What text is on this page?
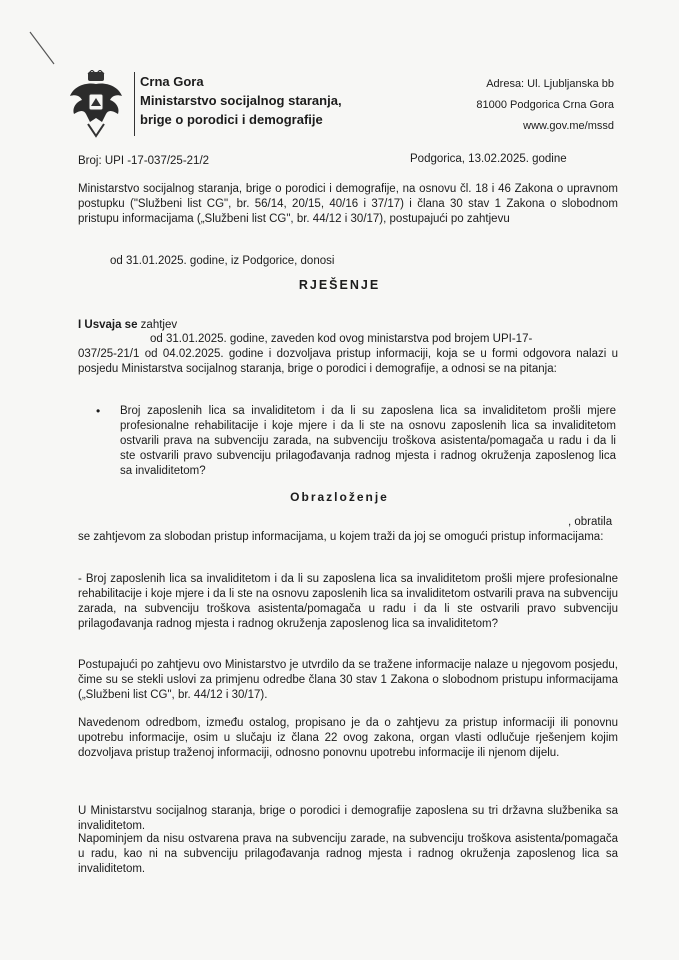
Crna Gora
Ministarstvo socijalnog staranja,
brige o porodici i demografije
Adresa: Ul. Ljubljanska bb
81000 Podgorica Crna Gora
www.gov.me/mssd
Broj: UPI -17-037/25-21/2	Podgorica, 13.02.2025. godine
Ministarstvo socijalnog staranja, brige o porodici i demografije, na osnovu čl. 18 i 46 Zakona o upravnom postupku ("Službeni list CG", br. 56/14, 20/15, 40/16 i 37/17) i člana 30 stav 1 Zakona o slobodnom pristupu informacijama („Službeni list CG", br. 44/12 i 30/17), postupajući po zahtjevu
od 31.01.2025. godine, iz Podgorice, donosi
RJEŠENJE
I Usvaja se zahtjev
od 31.01.2025. godine, zaveden kod ovog ministarstva pod brojem UPI-17-
037/25-21/1 od 04.02.2025. godine i dozvoljava pristup informaciji, koja se u formi odgovora nalazi u posjedu Ministarstva socijalnog staranja, brige o porodici i demografije, a odnosi se na pitanja:
•	Broj zaposlenih lica sa invaliditetom i da li su zaposlena lica sa invaliditetom prošli mjere profesionalne rehabilitacije i koje mjere i da li ste na osnovu zaposlenih lica sa invaliditetom ostvarili prava na subvenciju zarada, na subvenciju troškova asistenta/pomagača u radu i da li ste ostvarili pravo subvenciju prilagođavanja radnog mjesta i radnog okruženja zaposlenog lica sa invaliditetom?
Obrazloženje
, obratila
se zahtjevom za slobodan pristup informacijama, u kojem traži da joj se omogući pristup informacijama:
- Broj zaposlenih lica sa invaliditetom i da li su zaposlena lica sa invaliditetom prošli mjere profesionalne rehabilitacije i koje mjere i da li ste na osnovu zaposlenih lica sa invaliditetom ostvarili prava na subvenciju zarada, na subvenciju troškova asistenta/pomagača u radu i da li ste ostvarili pravo subvenciju prilagođavanja radnog mjesta i radnog okruženja zaposlenog lica sa invaliditetom?
Postupajući po zahtjevu ovo Ministarstvo je utvrdilo da se tražene informacije nalaze u njegovom posjedu, čime su se stekli uslovi za primjenu odredbe člana 30 stav 1 Zakona o slobodnom pristupu informacijama („Službeni list CG", br. 44/12 i 30/17).
Navedenom odredbom, između ostalog, propisano je da o zahtjevu za pristup informaciji ili ponovnu upotrebu informacije, osim u slučaju iz člana 22 ovog zakona, organ vlasti odlučuje rješenjem kojim dozvoljava pristup traženoj informaciji, odnosno ponovnu upotrebu informacije ili njenom dijelu.
U Ministarstvu socijalnog staranja, brige o porodici i demografije zaposlena su tri državna službenika sa invaliditetom.
Napominjem da nisu ostvarena prava na subvenciju zarade, na subvenciju troškova asistenta/pomagača u radu, kao ni na subvenciju prilagođavanja radnog mjesta i radnog okruženja zaposlenog lica sa invaliditetom.
